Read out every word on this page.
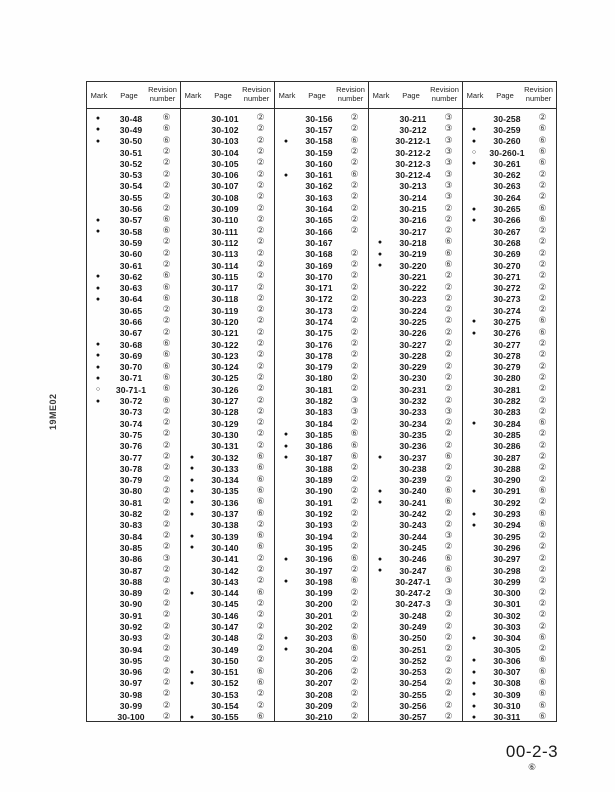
19ME02
Mark	Page
Revision number
●	30-48	⑥
●	30-49	⑥
●	30-50	⑥
30-51	②
30-52	②
30-53	②
30-54	②
30-55	②
30-56	②
●	30-57	⑥
●	30-58	⑥
30-59	②
30-60	②
30-61	②
●	30-62	⑥
●	30-63	⑥
●	30-64	⑥
30-65	②
30-66	②
30-67	②
●	30-68	⑥
●	30-69	⑥
●	30-70	⑥
●	30-71	⑥
○	30-71-1	⑥
●	30-72	⑥
30-73	②
30-74	②
30-75	②
30-76	②
30-77	②
30-78	②
30-79	②
30-80	②
30-81	②
30-82	②
30-83	②
30-84	②
30-85	②
30-86	③
30-87	②
30-88	②
30-89	②
30-90	②
30-91	②
30-92	②
30-93	②
30-94	②
30-95	②
30-96	②
30-97	②
30-98	②
30-99	②
30-100	②
Mark	Page
Revision number
30-101	②
30-102	②
30-103	②
30-104	②
30-105	②
30-106	②
30-107	②
30-108	②
30-109	②
30-110	②
30-111	②
30-112	②
30-113	②
30-114	②
30-115	②
30-117	②
30-118	②
30-119	②
30-120	②
30-121	②
30-122	②
30-123	②
30-124	②
30-125	②
30-126	②
30-127	②
30-128	②
30-129	②
30-130	②
30-131	②
●	30-132	⑥
●	30-133	⑥
●	30-134	⑥
●	30-135	⑥
●	30-136	⑥
●	30-137	⑥
30-138	②
●	30-139	⑥
●	30-140	⑥
30-141	②
30-142	②
30-143	②
●	30-144	⑥
30-145	②
30-146	②
30-147	②
30-148	②
30-149	②
30-150	②
●	30-151	⑥
●	30-152	⑥
30-153	②
30-154	②
●	30-155	⑥
Mark	Page
Revision number
30-156	②
30-157	②
●	30-158	⑥
30-159	②
30-160	②
●	30-161	⑥
30-162	②
30-163	②
30-164	②
30-165	②
30-166	②
30-167
30-168	②
30-169	②
30-170	②
30-171	②
30-172	②
30-173	②
30-174	②
30-175	②
30-176	②
30-178	②
30-179	②
30-180	②
30-181	②
30-182	③
30-183	③
30-184	②
●	30-185	⑥
●	30-186	⑥
●	30-187	⑥
30-188	②
30-189	②
30-190	②
30-191	②
30-192	②
30-193	②
30-194	②
30-195	②
●	30-196	⑥
30-197	②
●	30-198	⑥
30-199	②
30-200	②
30-201	②
30-202	②
●	30-203	⑥
●	30-204	⑥
30-205	②
30-206	②
30-207	②
30-208	②
30-209	②
30-210	②
Mark	Page
Revision number
30-211	③
30-212	③
30-212-1	③
30-212-2	③
30-212-3	③
30-212-4	③
30-213	③
30-214	③
30-215	②
30-216	②
30-217	②
●	30-218	⑥
●	30-219	⑥
●	30-220	⑥
30-221	②
30-222	②
30-223	②
30-224	②
30-225	②
30-226	②
30-227	②
30-228	②
30-229	②
30-230	②
30-231	②
30-232	②
30-233	③
30-234	②
30-235	②
30-236	②
●	30-237	⑥
30-238	②
30-239	②
●	30-240	⑥
●	30-241	⑥
30-242	②
30-243	②
30-244	③
30-245	②
●	30-246	⑥
●	30-247	⑥
30-247-1	③
30-247-2	③
30-247-3	③
30-248	②
30-249	②
30-250	②
30-251	②
30-252	②
30-253	②
30-254	②
30-255	②
30-256	②
30-257	②
Mark	Page
Revision number
30-258	②
●	30-259	⑥
●	30-260	⑥
○	30-260-1	⑥
●	30-261	⑥
30-262	②
30-263	②
30-264	②
●	30-265	⑥
●	30-266	⑥
30-267	②
30-268	②
30-269	②
30-270	②
30-271	②
30-272	②
30-273	②
30-274	②
●	30-275	⑥
●	30-276	⑥
30-277	②
30-278	②
30-279	②
30-280	②
30-281	②
30-282	②
30-283	②
●	30-284	⑥
30-285	②
30-286	②
30-287	②
30-288	②
30-290	②
●	30-291	⑥
30-292	②
●	30-293	⑥
●	30-294	⑥
30-295	②
30-296	②
30-297	②
30-298	②
30-299	②
30-300	②
30-301	②
30-302	②
30-303	②
●	30-304	⑥
30-305	②
●	30-306	⑥
●	30-307	⑥
●	30-308	⑥
●	30-309	⑥
●	30-310	⑥
●	30-311	⑥
00-2-3
⑥
